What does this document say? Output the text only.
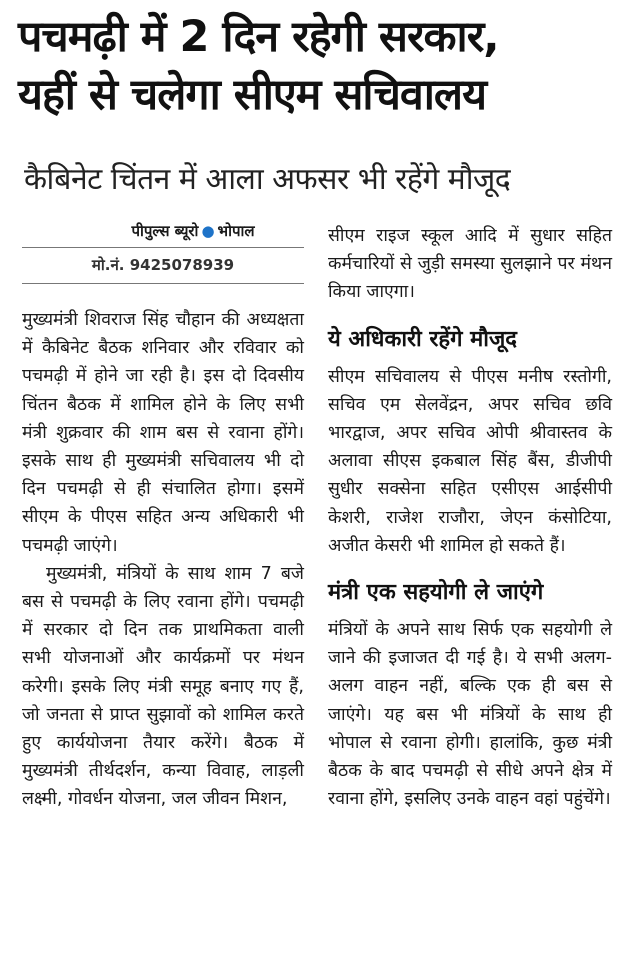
पचमढ़ी में 2 दिन रहेगी सरकार,
यहीं से चलेगा सीएम सचिवालय
कैबिनेट चिंतन में आला अफसर भी रहेंगे मौजूद
पीपुल्स ब्यूरो ● भोपाल
मो.नं. 9425078939

मुख्यमंत्री शिवराज सिंह चौहान की अध्यक्षता में कैबिनेट बैठक शनिवार और रविवार को पचमढ़ी में होने जा रही है। इस दो दिवसीय चिंतन बैठक में शामिल होने के लिए सभी मंत्री शुक्रवार की शाम बस से रवाना होंगे। इसके साथ ही मुख्यमंत्री सचिवालय भी दो दिन पचमढ़ी से ही संचालित होगा। इसमें सीएम के पीएस सहित अन्य अधिकारी भी पचमढ़ी जाएंगे।

मुख्यमंत्री, मंत्रियों के साथ शाम 7 बजे बस से पचमढ़ी के लिए रवाना होंगे। पचमढ़ी में सरकार दो दिन तक प्राथमिकता वाली सभी योजनाओं और कार्यक्रमों पर मंथन करेगी। इसके लिए मंत्री समूह बनाए गए हैं, जो जनता से प्राप्त सुझावों को शामिल करते हुए कार्ययोजना तैयार करेंगे। बैठक में मुख्यमंत्री तीर्थदर्शन, कन्या विवाह, लाड़ली लक्ष्मी, गोवर्धन योजना, जल जीवन मिशन,

सीएम राइज स्कूल आदि में सुधार सहित कर्मचारियों से जुड़ी समस्या सुलझाने पर मंथन किया जाएगा।

ये अधिकारी रहेंगे मौजूद

सीएम सचिवालय से पीएस मनीष रस्तोगी, सचिव एम सेलवेंद्रन, अपर सचिव छवि भारद्वाज, अपर सचिव ओपी श्रीवास्तव के अलावा सीएस इकबाल सिंह बैंस, डीजीपी सुधीर सक्सेना सहित एसीएस आईसीपी केशरी, राजेश राजौरा, जेएन कंसोटिया, अजीत केसरी भी शामिल हो सकते हैं।

मंत्री एक सहयोगी ले जाएंगे

मंत्रियों के अपने साथ सिर्फ एक सहयोगी ले जाने की इजाजत दी गई है। ये सभी अलग-अलग वाहन नहीं, बल्कि एक ही बस से जाएंगे। यह बस भी मंत्रियों के साथ ही भोपाल से रवाना होगी। हालांकि, कुछ मंत्री बैठक के बाद पचमढ़ी से सीधे अपने क्षेत्र में रवाना होंगे, इसलिए उनके वाहन वहां पहुंचेंगे।
